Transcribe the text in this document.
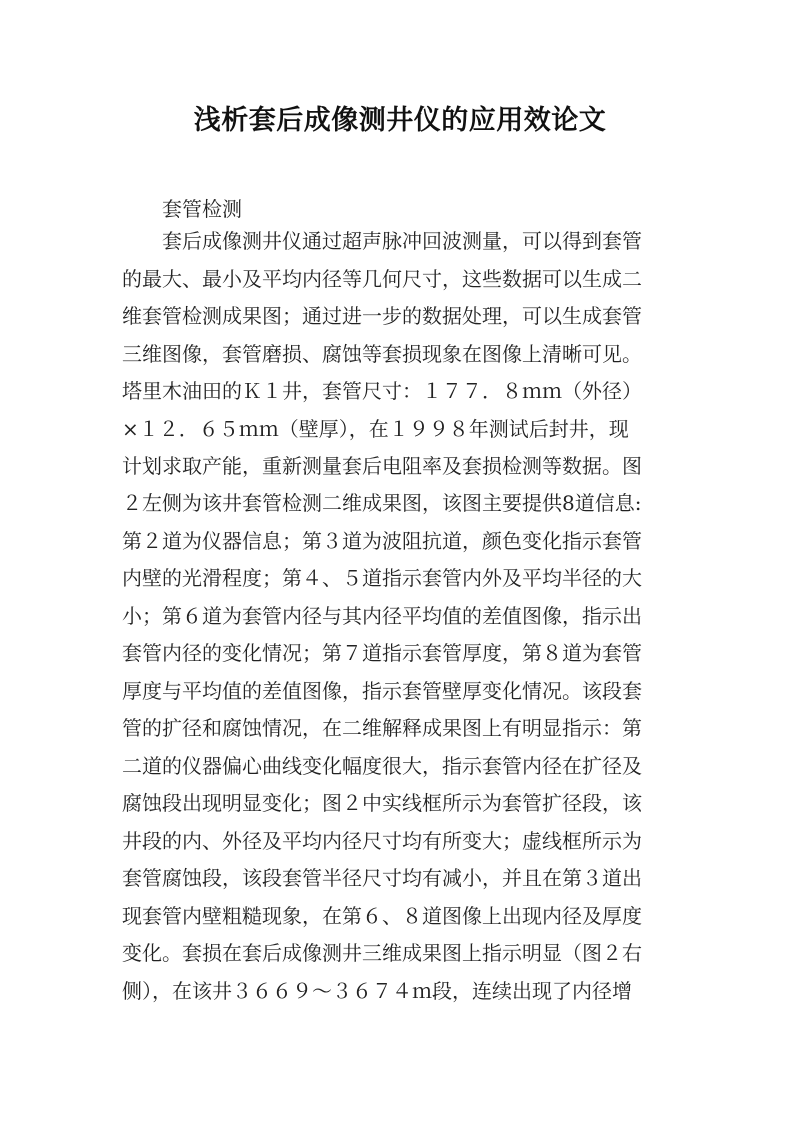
浅析套后成像测井仪的应用效论文
套管检测
套后成像测井仪通过超声脉冲回波测量，可以得到套管
的最大、最小及平均内径等几何尺寸，这些数据可以生成二
维套管检测成果图；通过进一步的数据处理，可以生成套管
三维图像，套管磨损、腐蚀等套损现象在图像上清晰可见。
塔里木油田的Ｋ１井，套管尺寸：１７７．８ｍｍ（外径）
×１２．６５ｍｍ（壁厚），在１９９８年测试后封井，现
计划求取产能，重新测量套后电阻率及套损检测等数据。图
２左侧为该井套管检测二维成果图，该图主要提供8道信息:
第２道为仪器信息；第３道为波阻抗道，颜色变化指示套管
内壁的光滑程度；第４、５道指示套管内外及平均半径的大
小；第６道为套管内径与其内径平均值的差值图像，指示出
套管内径的变化情况；第７道指示套管厚度，第８道为套管
厚度与平均值的差值图像，指示套管壁厚变化情况。该段套
管的扩径和腐蚀情况，在二维解释成果图上有明显指示：第
二道的仪器偏心曲线变化幅度很大，指示套管内径在扩径及
腐蚀段出现明显变化；图２中实线框所示为套管扩径段，该
井段的内、外径及平均内径尺寸均有所变大；虚线框所示为
套管腐蚀段，该段套管半径尺寸均有减小，并且在第３道出
现套管内壁粗糙现象，在第６、８道图像上出现内径及厚度
变化。套损在套后成像测井三维成果图上指示明显（图２右
侧），在该井３６６９～３６７４ｍ段，连续出现了内径增
